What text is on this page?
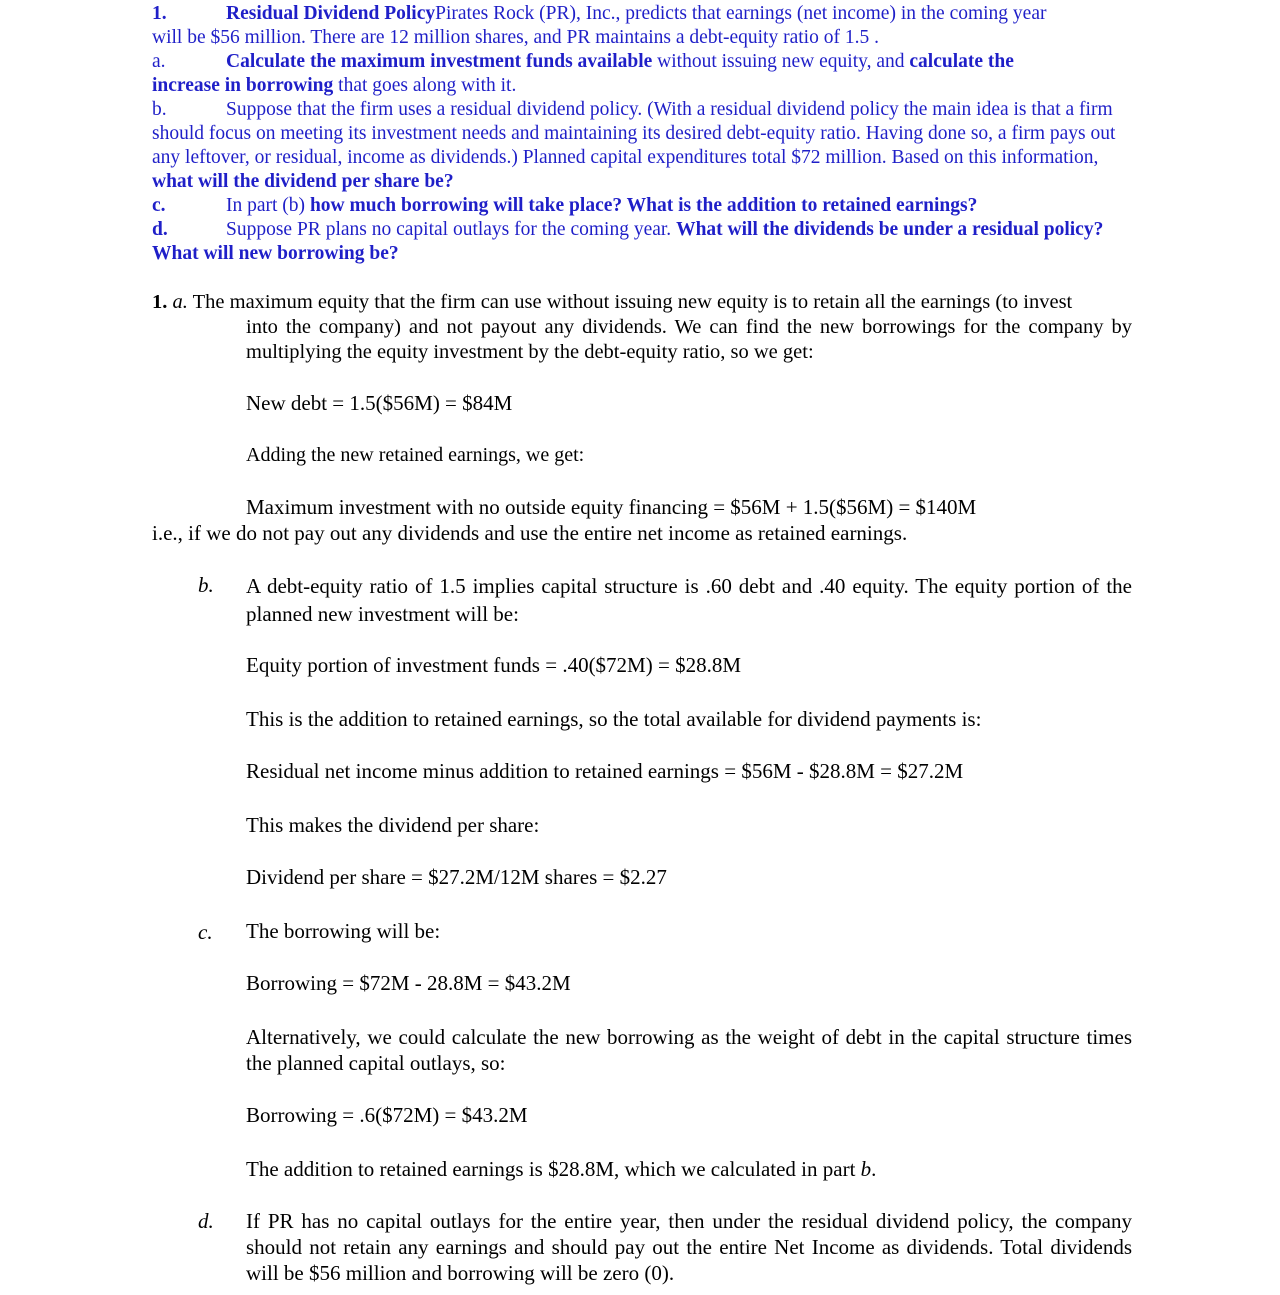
1.	Residual Dividend PolicyPirates Rock (PR), Inc., predicts that earnings (net income) in the coming year

will be $56 million. There are 12 million shares, and PR maintains a debt-equity ratio of 1.5 .

a.	Calculate the maximum investment funds available without issuing new equity, and calculate the
increase in borrowing that goes along with it.

b.	Suppose that the firm uses a residual dividend policy. (With a residual dividend policy the main idea is that a firm should focus on meeting its investment needs and maintaining its desired debt-equity ratio. Having done so, a firm pays out any leftover, or residual, income as dividends.) Planned capital expenditures total $72 million. Based on this information, what will the dividend per share be?

c.	In part (b) how much borrowing will take place? What is the addition to retained earnings?

d.	Suppose PR plans no capital outlays for the coming year. What will the dividends be under a residual policy? What will new borrowing be?

1. a. The maximum equity that the firm can use without issuing new equity is to retain all the earnings (to invest
into the company) and not payout any dividends. We can find the new borrowings for the company by multiplying the equity investment by the debt-equity ratio, so we get:
New debt = 1.5($56M) = $84M
Adding the new retained earnings, we get:
Maximum investment with no outside equity financing = $56M + 1.5($56M) = $140M
i.e., if we do not pay out any dividends and use the entire net income as retained earnings.
b. A debt-equity ratio of 1.5 implies capital structure is .60 debt and .40 equity. The equity portion of the planned new investment will be:
Equity portion of investment funds = .40($72M) = $28.8M
This is the addition to retained earnings, so the total available for dividend payments is:
Residual net income minus addition to retained earnings = $56M - $28.8M = $27.2M
This makes the dividend per share:
Dividend per share = $27.2M/12M shares = $2.27
c. The borrowing will be:
Borrowing = $72M - 28.8M = $43.2M
Alternatively, we could calculate the new borrowing as the weight of debt in the capital structure times the planned capital outlays, so:
Borrowing = .6($72M) = $43.2M
The addition to retained earnings is $28.8M, which we calculated in part b.
d. If PR has no capital outlays for the entire year, then under the residual dividend policy, the company should not retain any earnings and should pay out the entire Net Income as dividends. Total dividends will be $56 million and borrowing will be zero (0).
